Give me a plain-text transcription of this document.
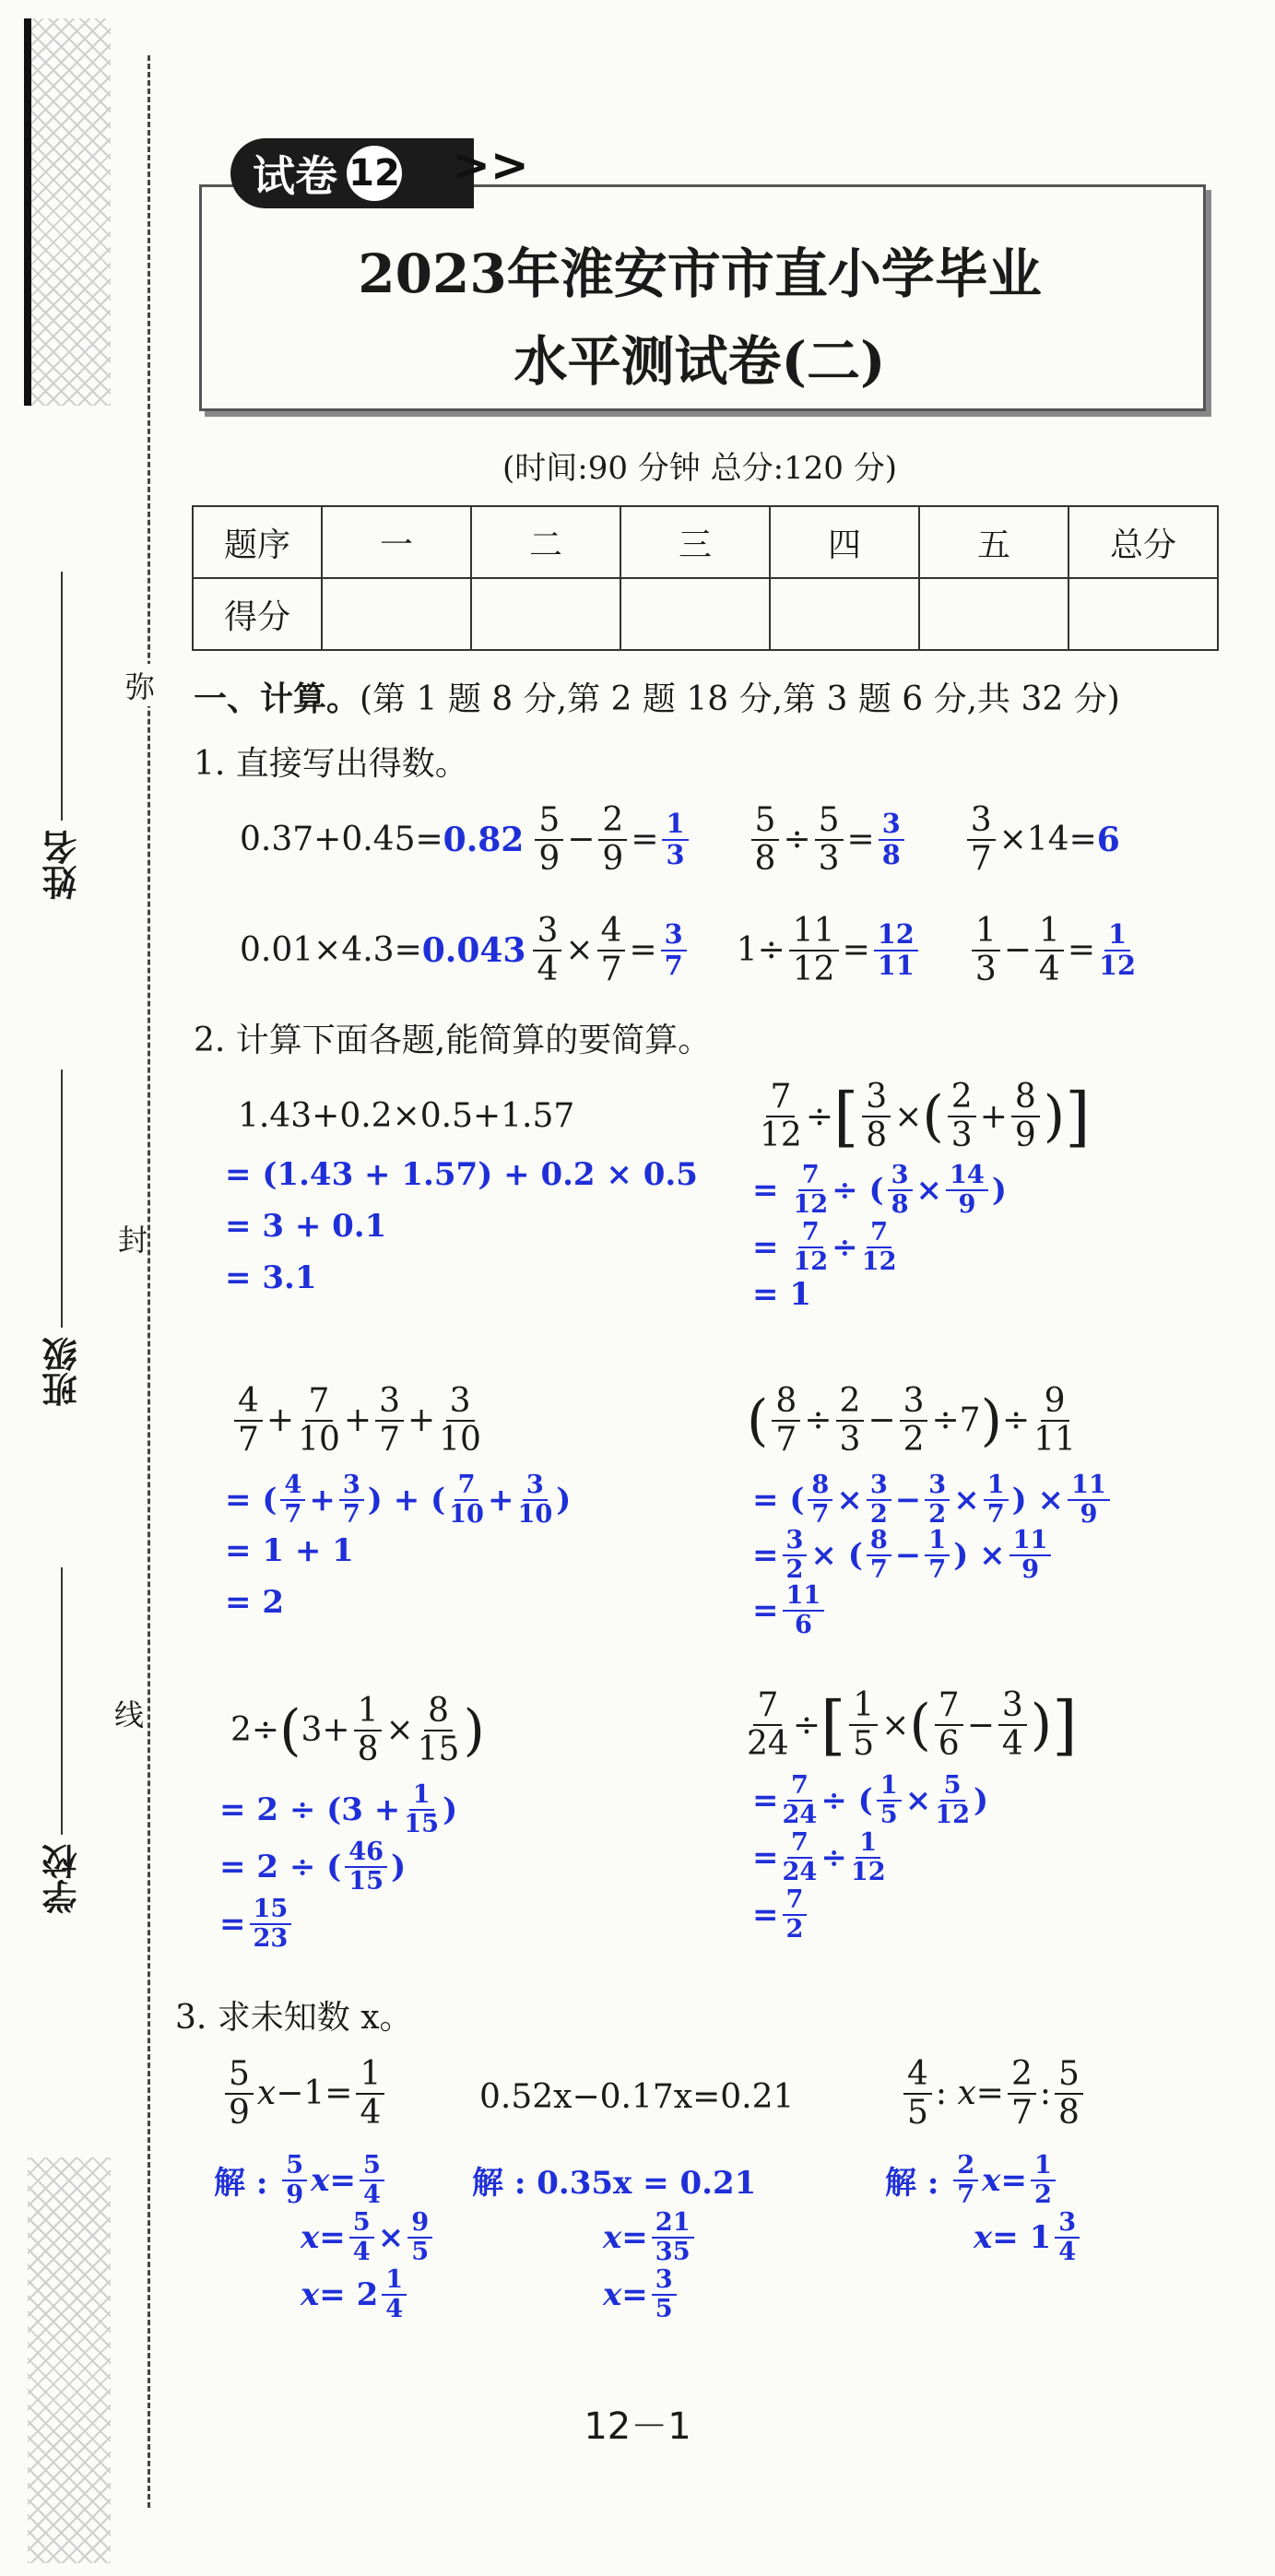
姓名
班级
学校
弥
封
线
试卷 12 >>
2023年淮安市市直小学毕业
水平测试卷(二)
(时间:90 分钟 总分:120 分)
题序	一	二	三	四	五	总分
得分						
一、计算。 (第 1 题 8 分,第 2 题 18 分,第 3 题 6 分,共 32 分)
1. 直接写出得数。
$0.37+0.45= 0.82 \frac{5}{9} - \frac{2}{9} = \frac{1}{3} \frac{5}{8} \div \frac{5}{3} = \frac{3}{8} \frac{3}{7} \times 14= 6$
$0.01\times 4.3= 0.043 \frac{3}{4} \times \frac{4}{7} = \frac{3}{7} 1\div \frac{11}{12} = \frac{12}{11} \frac{1}{3} - \frac{1}{4} = \frac{1}{12}$
2. 计算下面各题,能简算的要简算。
1.43+0.2×0.5+1.57
= (1.43 + 1.57) + 0.2 × 0.5
= 3 + 0.1
= 3.1
$\frac{7}{12}$ ÷ [ $\frac{3}{8}$ × ( $\frac{2}{3} + \frac{8}{9}$ ) ]
= $\frac{7}{12}$ ÷ ( $\frac{3}{8} \times \frac{14}{9}$ )
= $\frac{7}{12} \div \frac{7}{12}$
= 1
$\frac{4}{7} + \frac{7}{10} + \frac{3}{7} + \frac{3}{10}$
= ( $\frac{4}{7} + \frac{3}{7}$ ) + ( $\frac{7}{10} + \frac{3}{10}$ )
= 1 + 1
= 2
( $\frac{8}{7} \div \frac{2}{3} - \frac{3}{2} \div 7$ ) ÷ $\frac{9}{11}$
= ( $\frac{8}{7} \times \frac{3}{2} - \frac{3}{2} \times \frac{1}{7}$ ) × $\frac{11}{9}$
= $\frac{3}{2}$ × ( $\frac{8}{7} - \frac{1}{7}$ ) × $\frac{11}{9}$
= $\frac{11}{6}$
2÷ ( $3+ \frac{1}{8} \times \frac{8}{15}$ )
= $2 \div (3 + \frac{1}{15}$ )
= 2 ÷ ( $\frac{46}{15}$ )
= $\frac{15}{23}$
$\frac{7}{24}$ ÷ [ $\frac{1}{5}$ × ( $\frac{7}{6} - \frac{3}{4}$ ) ]
= $\frac{7}{24}$ ÷ ( $\frac{1}{5} \times \frac{5}{12}$ )
= $\frac{7}{24} \div \frac{1}{12}$
= $\frac{7}{2}$
3. 求未知数 x。
$\frac{5}{9}$ $x -1= \frac{1}{4}$	0.52x−0.17x=0.21	$\frac{4}{5}$ : $x = \frac{2}{7}$ : $\frac{5}{8}$
解 :
$\frac{5}{9}$ $x = \frac{5}{4}$
$x = \frac{5}{4} \times \frac{9}{5}$
$x = 2 \frac{1}{4}$
解 : 0.35x = 0.21
$x = \frac{21}{35}$
$x = \frac{3}{5}$
解 :
$\frac{2}{7}$ $x = \frac{1}{2}$
$x = 1 \frac{3}{4}$
12－1
